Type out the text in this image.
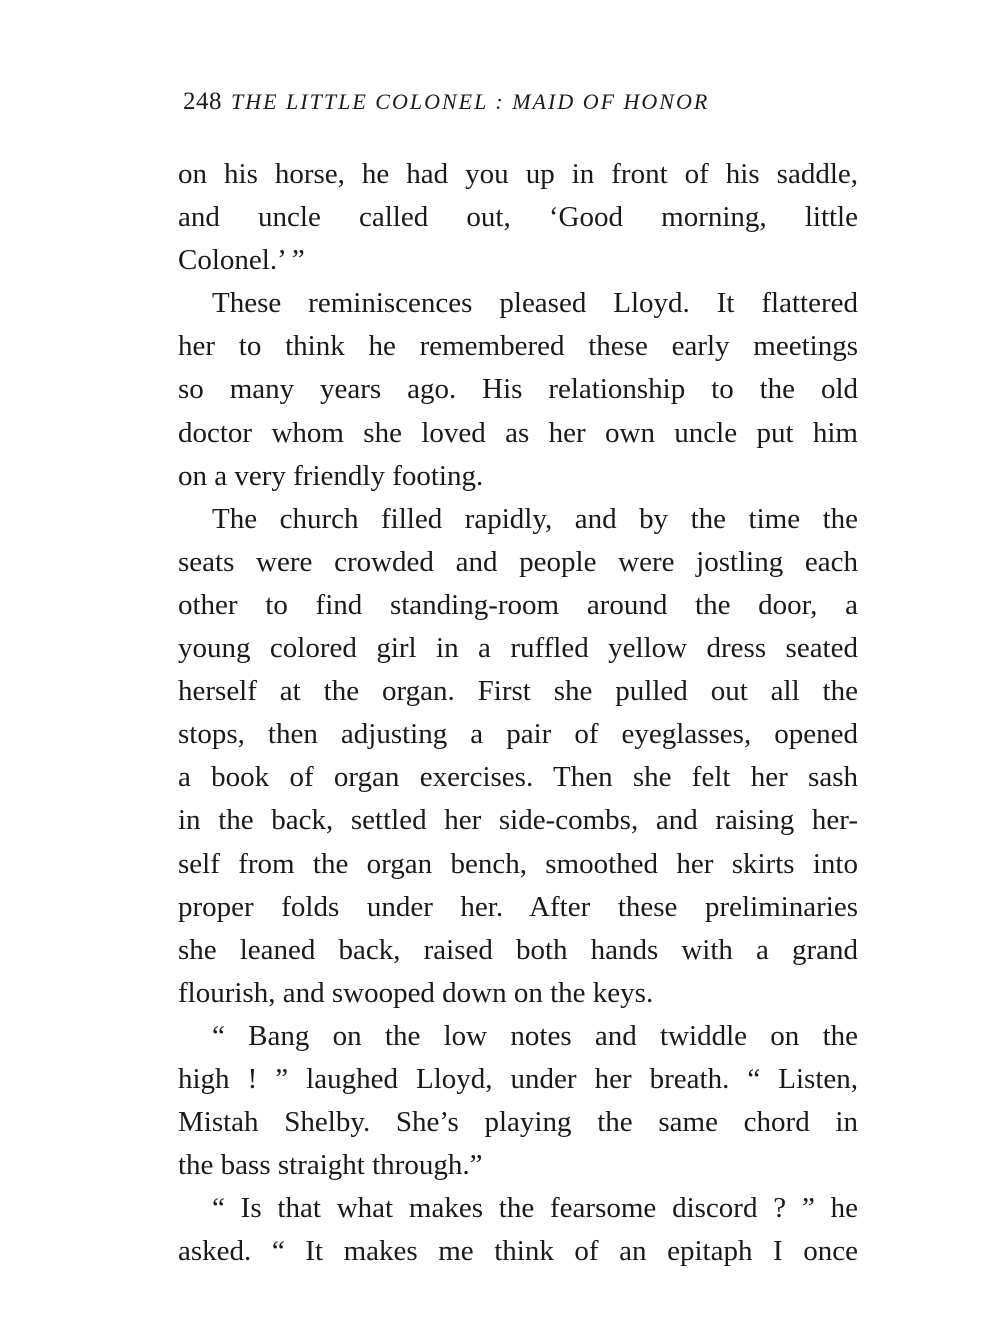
248 THE LITTLE COLONEL : MAID OF HONOR
on his horse, he had you up in front of his saddle,
and uncle called out, ‘Good morning, little
Colonel.’ ”
These reminiscences pleased Lloyd. It flattered
her to think he remembered these early meetings
so many years ago. His relationship to the old
doctor whom she loved as her own uncle put him
on a very friendly footing.
The church filled rapidly, and by the time the
seats were crowded and people were jostling each
other to find standing-room around the door, a
young colored girl in a ruffled yellow dress seated
herself at the organ. First she pulled out all the
stops, then adjusting a pair of eyeglasses, opened
a book of organ exercises. Then she felt her sash
in the back, settled her side-combs, and raising her-
self from the organ bench, smoothed her skirts into
proper folds under her. After these preliminaries
she leaned back, raised both hands with a grand
flourish, and swooped down on the keys.
“ Bang on the low notes and twiddle on the
high ! ” laughed Lloyd, under her breath. “ Listen,
Mistah Shelby. She’s playing the same chord in
the bass straight through.”
“ Is that what makes the fearsome discord ? ” he
asked. “ It makes me think of an epitaph I once
